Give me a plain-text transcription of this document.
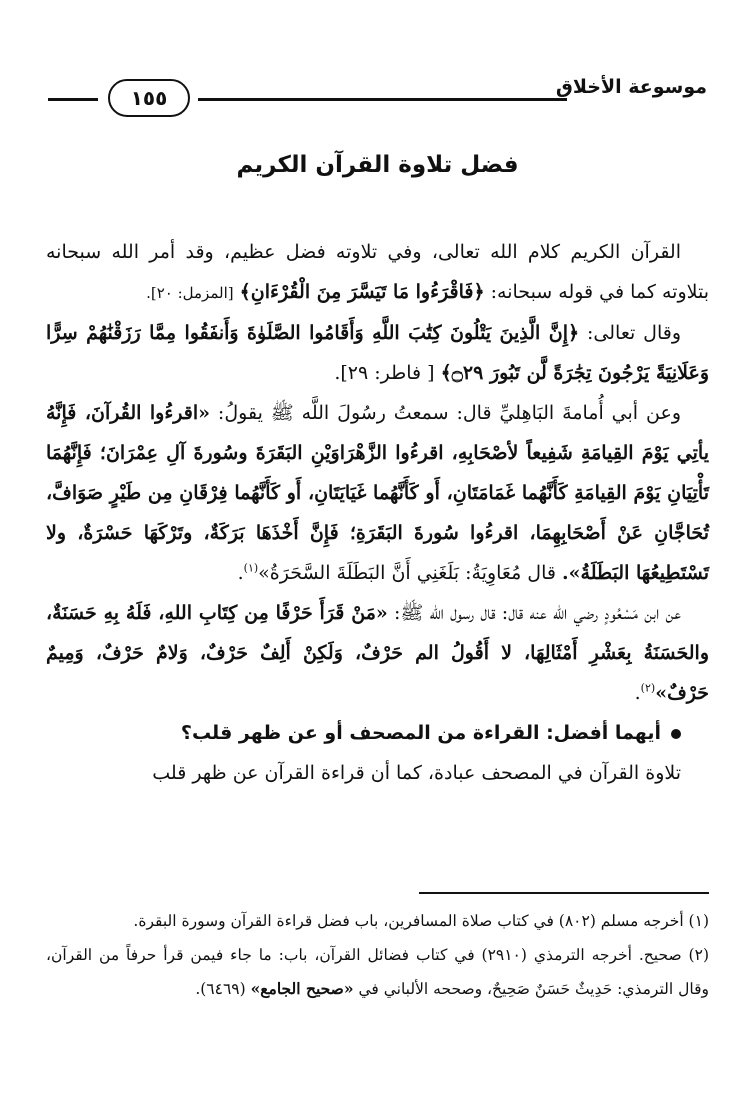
موسوعة الأخلاق
١٥٥
فضل تلاوة القرآن الكريم

القرآن الكريم كلام الله تعالى، وفي تلاوته فضل عظيم، وقد أمر الله سبحانه بتلاوته كما في قوله سبحانه: ﴿فَاقْرَءُوا مَا تَيَسَّرَ مِنَ الْقُرْءَانِ﴾ [المزمل: ٢٠].

وقال تعالى: ﴿إِنَّ الَّذِينَ يَتْلُونَ كِتَٰبَ اللَّهِ وَأَقَامُوا الصَّلَوٰةَ وَأَنفَقُوا مِمَّا رَزَقْنَٰهُمْ سِرًّا وَعَلَانِيَةً يَرْجُونَ تِجَٰرَةً لَّن تَبُورَ ۝٢٩﴾ [ فاطر: ٢٩].

وعن أبي أُمامةَ البَاهِليِّ قال: سمعتُ رسُولَ اللَّه ﷺ يقولُ: «اقرءُوا القُرآنَ، فَإِنَّهُ يأتِي يَوْمَ القِيامَةِ شَفِيعاً لأصْحَابِهِ، اقرءُوا الزَّهْرَاوَيْنِ البَقَرَةَ وسُورةَ آلِ عِمْرَانَ؛ فَإِنَّهُمَا تَأْتِيَانِ يَوْمَ القِيامَةِ كَأَنَّهُما غَمَامَتَانِ، أَو كَأَنَّهُما غَيَايَتَانِ، أَو كَأَنَّهُما فِرْقَانِ مِن طَيْرٍ صَوَافَّ، تُحَاجَّانِ عَنْ أَصْحَابِهِمَا، اقرءُوا سُورةَ البَقَرَةِ؛ فَإِنَّ أَخْذَهَا بَرَكَةٌ، وتَرْكَهَا حَسْرَةٌ، ولا تَسْتَطِيعُهَا البَطَلَةُ». قال مُعَاوِيَةُ: بَلَغَنِي أَنَّ البَطَلَةَ السَّحَرَةُ»$^{(١)}$.

عن ابن مَسْعُودٍ رضي الله عنه قال: قال رسول الله ﷺ: «مَنْ قَرَأَ حَرْفًا مِن كِتَابِ اللهِ، فَلَهُ بِهِ حَسَنَةٌ، والحَسَنَةُ بِعَشْرِ أَمْثَالِهَا، لا أَقُولُ الم حَرْفٌ، وَلَكِنْ أَلِفٌ حَرْفٌ، وَلامٌ حَرْفٌ، وَمِيمٌ حَرْفٌ»$^{(٢)}$.

أيهما أفضل: القراءة من المصحف أو عن ظهر قلب؟

تلاوة القرآن في المصحف عبادة، كما أن قراءة القرآن عن ظهر قلب

(١) أخرجه مسلم (٨٠٢) في كتاب صلاة المسافرين، باب فضل قراءة القرآن وسورة البقرة.

(٢) صحيح. أخرجه الترمذي (٢٩١٠) في كتاب فضائل القرآن، باب: ما جاء فيمن قرأ حرفاً من القرآن، وقال الترمذي: حَدِيثٌ حَسَنٌ صَحِيحٌ، وصححه الألباني في «صحيح الجامع» (٦٤٦٩).
